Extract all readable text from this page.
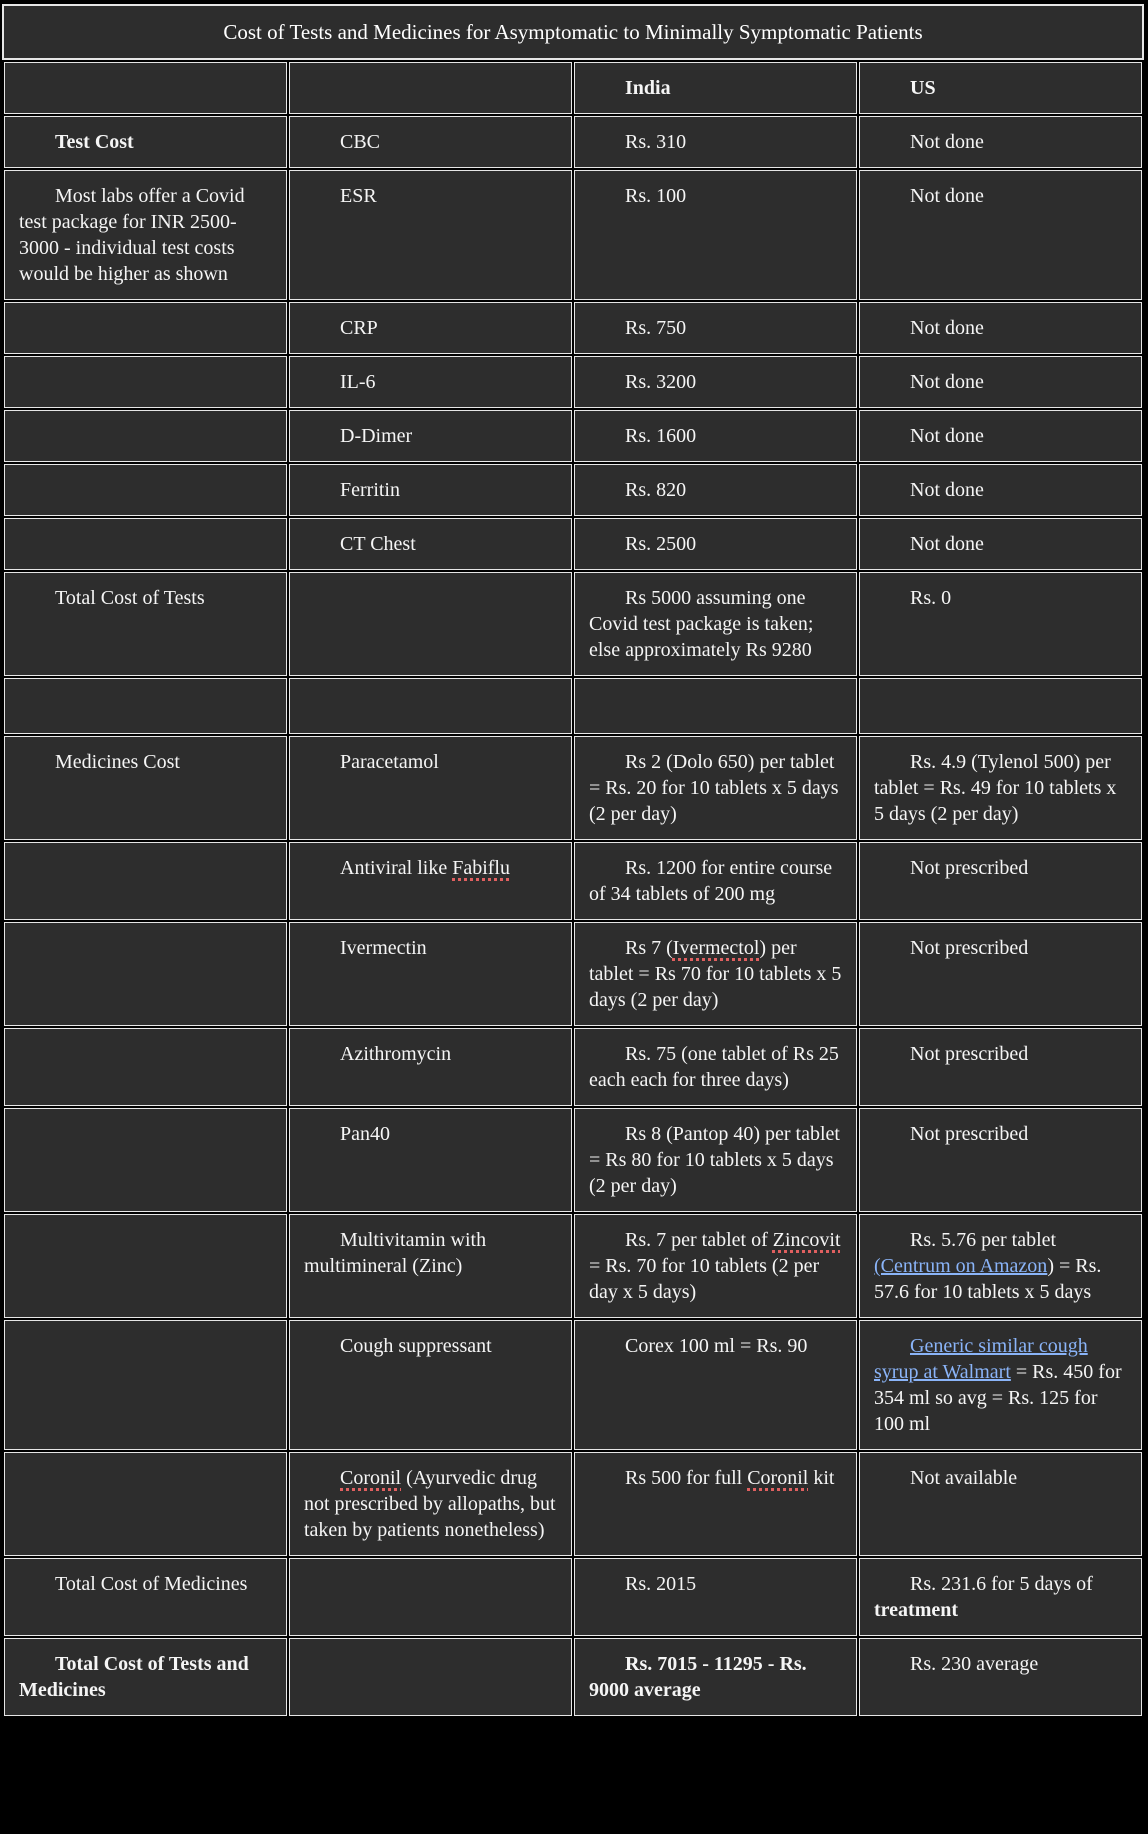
Cost of Tests and Medicines for Asymptomatic to Minimally Symptomatic Patients
		India	US
Test Cost	CBC	Rs. 310	Not done
Most labs offer a Covid test package for INR 2500-3000 - individual test costs would be higher as shown	ESR	Rs. 100	Not done
	CRP	Rs. 750	Not done
	IL-6	Rs. 3200	Not done
	D-Dimer	Rs. 1600	Not done
	Ferritin	Rs. 820	Not done
	CT Chest	Rs. 2500	Not done
Total Cost of Tests		Rs 5000 assuming one Covid test package is taken; else approximately Rs 9280	Rs. 0

Medicines Cost	Paracetamol	Rs 2 (Dolo 650) per tablet = Rs. 20 for 10 tablets x 5 days (2 per day)	Rs. 4.9 (Tylenol 500) per tablet = Rs. 49 for 10 tablets x 5 days (2 per day)
	Antiviral like Fabiflu	Rs. 1200 for entire course of 34 tablets of 200 mg	Not prescribed
	Ivermectin	Rs 7 (Ivermectol) per tablet = Rs 70 for 10 tablets x 5 days (2 per day)	Not prescribed
	Azithromycin	Rs. 75 (one tablet of Rs 25 each each for three days)	Not prescribed
	Pan40	Rs 8 (Pantop 40) per tablet = Rs 80 for 10 tablets x 5 days (2 per day)	Not prescribed
	Multivitamin with multimineral (Zinc)	Rs. 7 per tablet of Zincovit = Rs. 70 for 10 tablets (2 per day x 5 days)	Rs. 5.76 per tablet (Centrum on Amazon) = Rs. 57.6 for 10 tablets x 5 days
	Cough suppressant	Corex 100 ml = Rs. 90	Generic similar cough syrup at Walmart = Rs. 450 for 354 ml so avg = Rs. 125 for 100 ml
	Coronil (Ayurvedic drug not prescribed by allopaths, but taken by patients nonetheless)	Rs 500 for full Coronil kit	Not available
Total Cost of Medicines		Rs. 2015	Rs. 231.6 for 5 days of treatment
Total Cost of Tests and Medicines		Rs. 7015 - 11295 - Rs. 9000 average	Rs. 230 average
